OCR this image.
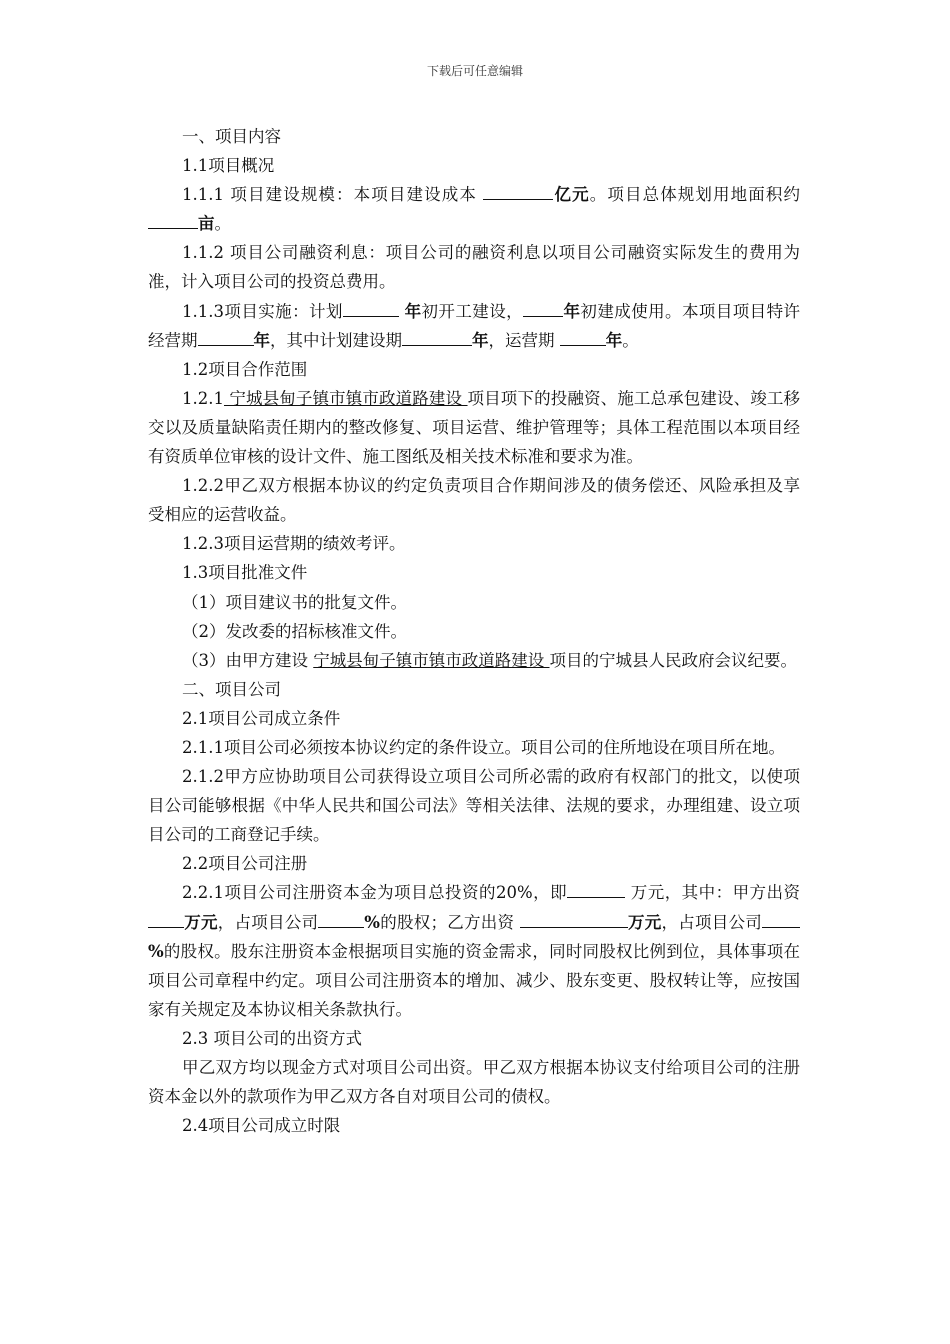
下载后可任意编辑

一、项目内容

1.1项目概况

1.1.1 项目建设规模：本项目建设成本	亿元。项目总体规划用地面积约亩。

1.1.2 项目公司融资利息：项目公司的融资利息以项目公司融资实际发生的费用为准，计入项目公司的投资总费用。

1.1.3项目实施：计划	年初开工建设， 年初建成使用。本项目项目特许经营期	年，其中计划建设期	年，运营期	年。

1.2项目合作范围

1.2.1 宁城县甸子镇市镇市政道路建设 项目项下的投融资、施工总承包建设、竣工移交以及质量缺陷责任期内的整改修复、项目运营、维护管理等；具体工程范围以本项目经有资质单位审核的设计文件、施工图纸及相关技术标准和要求为准。

1.2.2甲乙双方根据本协议的约定负责项目合作期间涉及的债务偿还、风险承担及享受相应的运营收益。

1.2.3项目运营期的绩效考评。

1.3项目批准文件

（1）项目建议书的批复文件。

（2）发改委的招标核准文件。

（3）由甲方建设 宁城县甸子镇市镇市政道路建设 项目的宁城县人民政府会议纪要。

二、项目公司

2.1项目公司成立条件

2.1.1项目公司必须按本协议约定的条件设立。项目公司的住所地设在项目所在地。

2.1.2甲方应协助项目公司获得设立项目公司所必需的政府有权部门的批文，以使项目公司能够根据《中华人民共和国公司法》等相关法律、法规的要求，办理组建、设立项目公司的工商登记手续。

2.2项目公司注册

2.2.1项目公司注册资本金为项目总投资的20%，即	万元，其中：甲方出资万元，占项目公司	%的股权；乙方出资	万元，占项目公司%的股权。股东注册资本金根据项目实施的资金需求，同时同股权比例到位，具体事项在项目公司章程中约定。项目公司注册资本的增加、减少、股东变更、股权转让等，应按国家有关规定及本协议相关条款执行。

2.3 项目公司的出资方式

甲乙双方均以现金方式对项目公司出资。甲乙双方根据本协议支付给项目公司的注册资本金以外的款项作为甲乙双方各自对项目公司的债权。

2.4项目公司成立时限
